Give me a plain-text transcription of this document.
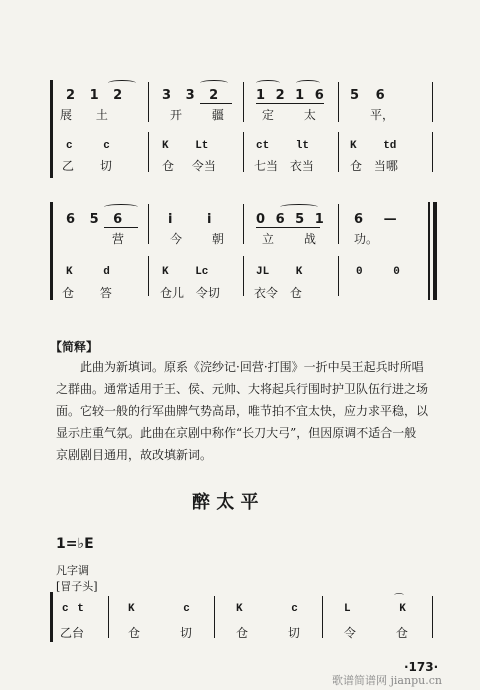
2 1 2	3 3 2	1 2 1 6 5 6
展 土	开 疆	定 太	平，
c c	K Lt	ct lt	K td
乙 切	仓 令当	七当 衣当	仓 当哪
6 5 6	i i	0 6 5 1 6 —
营	今 朝	立 战	功。
K d	K Lc	JL K	0 0
仓 答	仓儿 令切	衣令 仓
【简释】
此曲为新填词。原系《浣纱记·回营·打围》一折中吴王起兵时所唱
之群曲。通常适用于王、侯、元帅、大将起兵行围时护卫队伍行进之场
面。它较一般的行军曲牌气势高昂，唯节拍不宜太快，应力求平稳，以
显示庄重气氛。此曲在京剧中称作“长刀大弓”，但因原调不适合一般
京剧剧目通用，故改填新词。
醉 太 平
1=♭E
凡字调
[冒子头]
c t	K c	K c	L K
⌒
乙台	仓 切	仓 切	令 仓
·173·
歌谱简谱网 jianpu.cn
